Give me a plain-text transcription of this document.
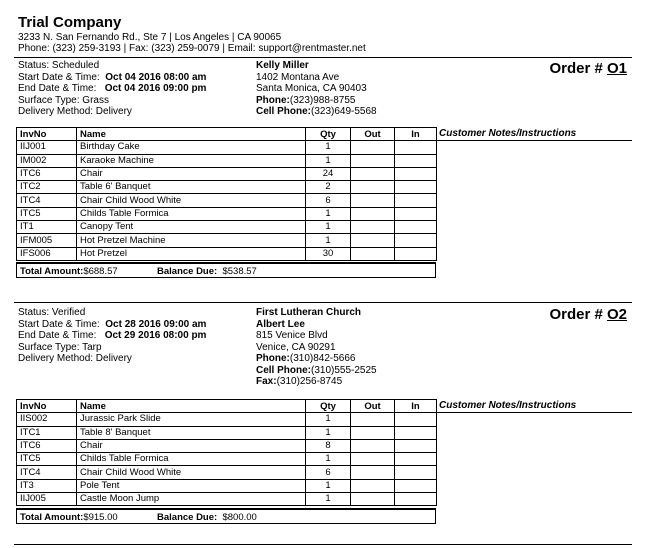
Trial Company
3233 N. San Fernando Rd., Ste 7 | Los Angeles | CA 90065
Phone: (323) 259-3193 | Fax: (323) 259-0079 | Email: support@rentmaster.net
Status: Scheduled
Start Date & Time: Oct 04 2016 08:00 am
End Date & Time: Oct 04 2016 09:00 pm
Surface Type: Grass
Delivery Method: Delivery
Kelly Miller
1402 Montana Ave
Santa Monica, CA 90403
Phone:(323)988-8755
Cell Phone:(323)649-5568
Order # O1
InvNo	Name	Qty	Out	In
IIJ001	Birthday Cake	1		
IM002	Karaoke Machine	1		
ITC6	Chair	24		
ITC2	Table 6' Banquet	2		
ITC4	Chair Child Wood White	6		
ITC5	Childs Table Formica	1		
IT1	Canopy Tent	1		
IFM005	Hot Pretzel Machine	1		
IFS006	Hot Pretzel	30		
Total Amount:$688.57	Balance Due: $538.57
Customer Notes/Instructions
Status: Verified
Start Date & Time: Oct 28 2016 09:00 am
End Date & Time: Oct 29 2016 08:00 pm
Surface Type: Tarp
Delivery Method: Delivery
First Lutheran Church
Albert Lee
815 Venice Blvd
Venice, CA 90291
Phone:(310)842-5666
Cell Phone:(310)555-2525
Fax:(310)256-8745
Order # O2
InvNo	Name	Qty	Out	In
IIS002	Jurassic Park Slide	1		
ITC1	Table 8' Banquet	1		
ITC6	Chair	8		
ITC5	Childs Table Formica	1		
ITC4	Chair Child Wood White	6		
IT3	Pole Tent	1		
IIJ005	Castle Moon Jump	1		
Total Amount:$915.00	Balance Due: $800.00
Customer Notes/Instructions
